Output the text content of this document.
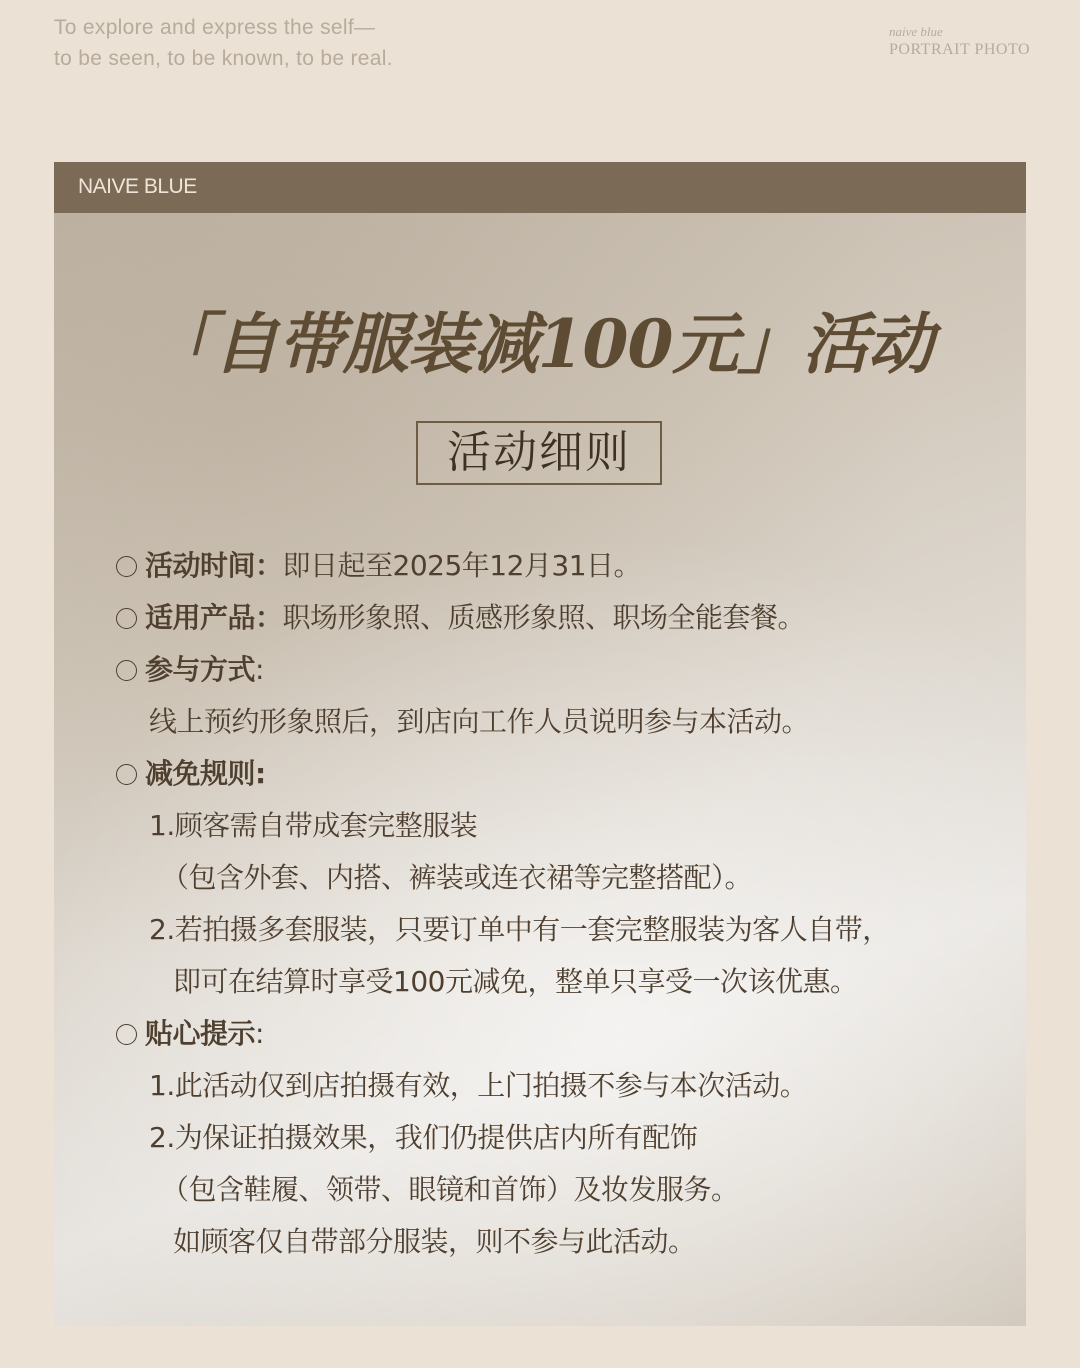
To explore and express the self—
to be seen, to be known, to be real.
naive blue
PORTRAIT PHOTO
NAIVE BLUE
「自带服装减100元」活动
活动细则
活动时间：即日起至2025年12月31日。
适用产品：职场形象照、质感形象照、职场全能套餐。
参与方式:
线上预约形象照后，到店向工作人员说明参与本活动。
减免规则:
1.顾客需自带成套完整服装
（包含外套、内搭、裤装或连衣裙等完整搭配）。
2.若拍摄多套服装，只要订单中有一套完整服装为客人自带，
即可在结算时享受100元减免，整单只享受一次该优惠。
贴心提示:
1.此活动仅到店拍摄有效，上门拍摄不参与本次活动。
2.为保证拍摄效果，我们仍提供店内所有配饰
（包含鞋履、领带、眼镜和首饰）及妆发服务。
如顾客仅自带部分服装，则不参与此活动。
